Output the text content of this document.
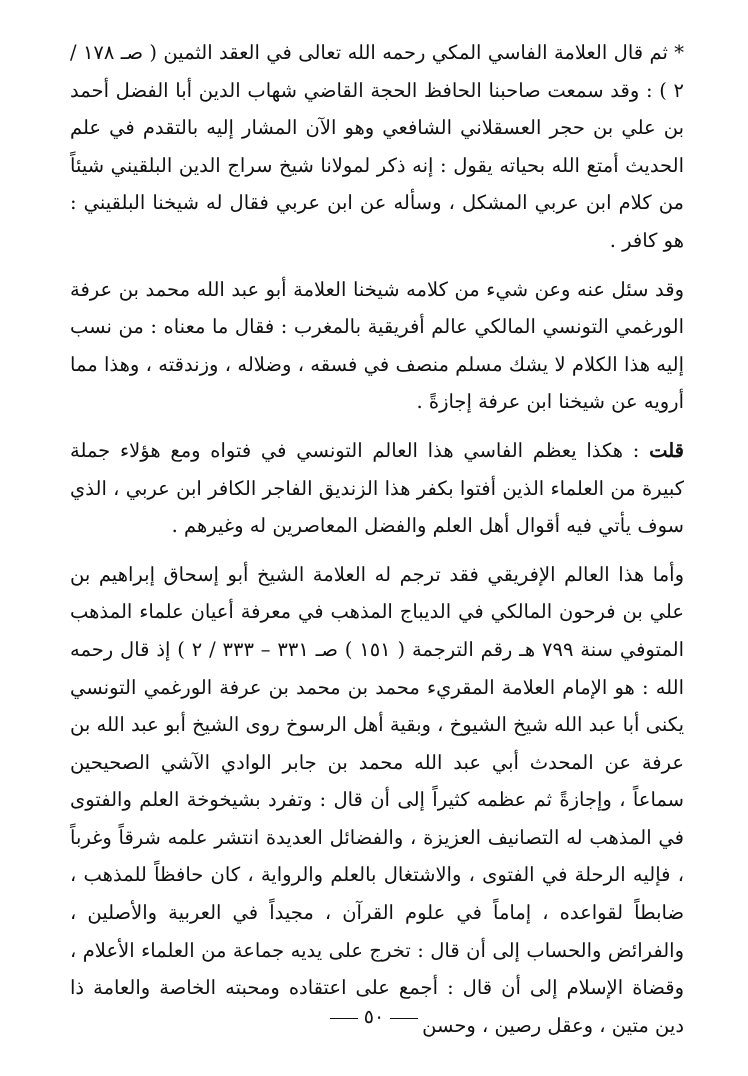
* ثم قال العلامة الفاسي المكي رحمه الله تعالى في العقد الثمين ( صـ ١٧٨ / ٢ ) : وقد سمعت صاحبنا الحافظ الحجة القاضي شهاب الدين أبا الفضل أحمد بن علي بن حجر العسقلاني الشافعي وهو الآن المشار إليه بالتقدم في علم الحديث أمتع الله بحياته يقول : إنه ذكر لمولانا شيخ سراج الدين البلقيني شيئاً من كلام ابن عربي المشكل ، وسأله عن ابن عربي فقال له شيخنا البلقيني : هو كافر .

وقد سئل عنه وعن شيء من كلامه شيخنا العلامة أبو عبد الله محمد بن عرفة الورغمي التونسي المالكي عالم أفريقية بالمغرب : فقال ما معناه : من نسب إليه هذا الكلام لا يشك مسلم منصف في فسقه ، وضلاله ، وزندقته ، وهذا مما أرويه عن شيخنا ابن عرفة إجازةً .

قلت : هكذا يعظم الفاسي هذا العالم التونسي في فتواه ومع هؤلاء جملة كبيرة من العلماء الذين أفتوا بكفر هذا الزنديق الفاجر الكافر ابن عربي ، الذي سوف يأتي فيه أقوال أهل العلم والفضل المعاصرين له وغيرهم .

وأما هذا العالم الإفريقي فقد ترجم له العلامة الشيخ أبو إسحاق إبراهيم بن علي بن فرحون المالكي في الديباج المذهب في معرفة أعيان علماء المذهب المتوفي سنة ٧٩٩ هـ رقم الترجمة ( ١٥١ ) صـ ٣٣١ – ٣٣٣ / ٢ ) إذ قال رحمه الله : هو الإمام العلامة المقريء محمد بن محمد بن عرفة الورغمي التونسي يكنى أبا عبد الله شيخ الشيوخ ، وبقية أهل الرسوخ روى الشيخ أبو عبد الله بن عرفة عن المحدث أبي عبد الله محمد بن جابر الوادي الآشي الصحيحين سماعاً ، وإجازةً ثم عظمه كثيراً إلى أن قال : وتفرد بشيخوخة العلم والفتوى في المذهب له التصانيف العزيزة ، والفضائل العديدة انتشر علمه شرقاً وغرباً ، فإليه الرحلة في الفتوى ، والاشتغال بالعلم والرواية ، كان حافظاً للمذهب ، ضابطاً لقواعده ، إماماً في علوم القرآن ، مجيداً في العربية والأصلين ، والفرائض والحساب إلى أن قال : تخرج على يديه جماعة من العلماء الأعلام ، وقضاة الإسلام إلى أن قال : أجمع على اعتقاده ومحبته الخاصة والعامة ذا دين متين ، وعقل رصين ، وحسن

٥٠
